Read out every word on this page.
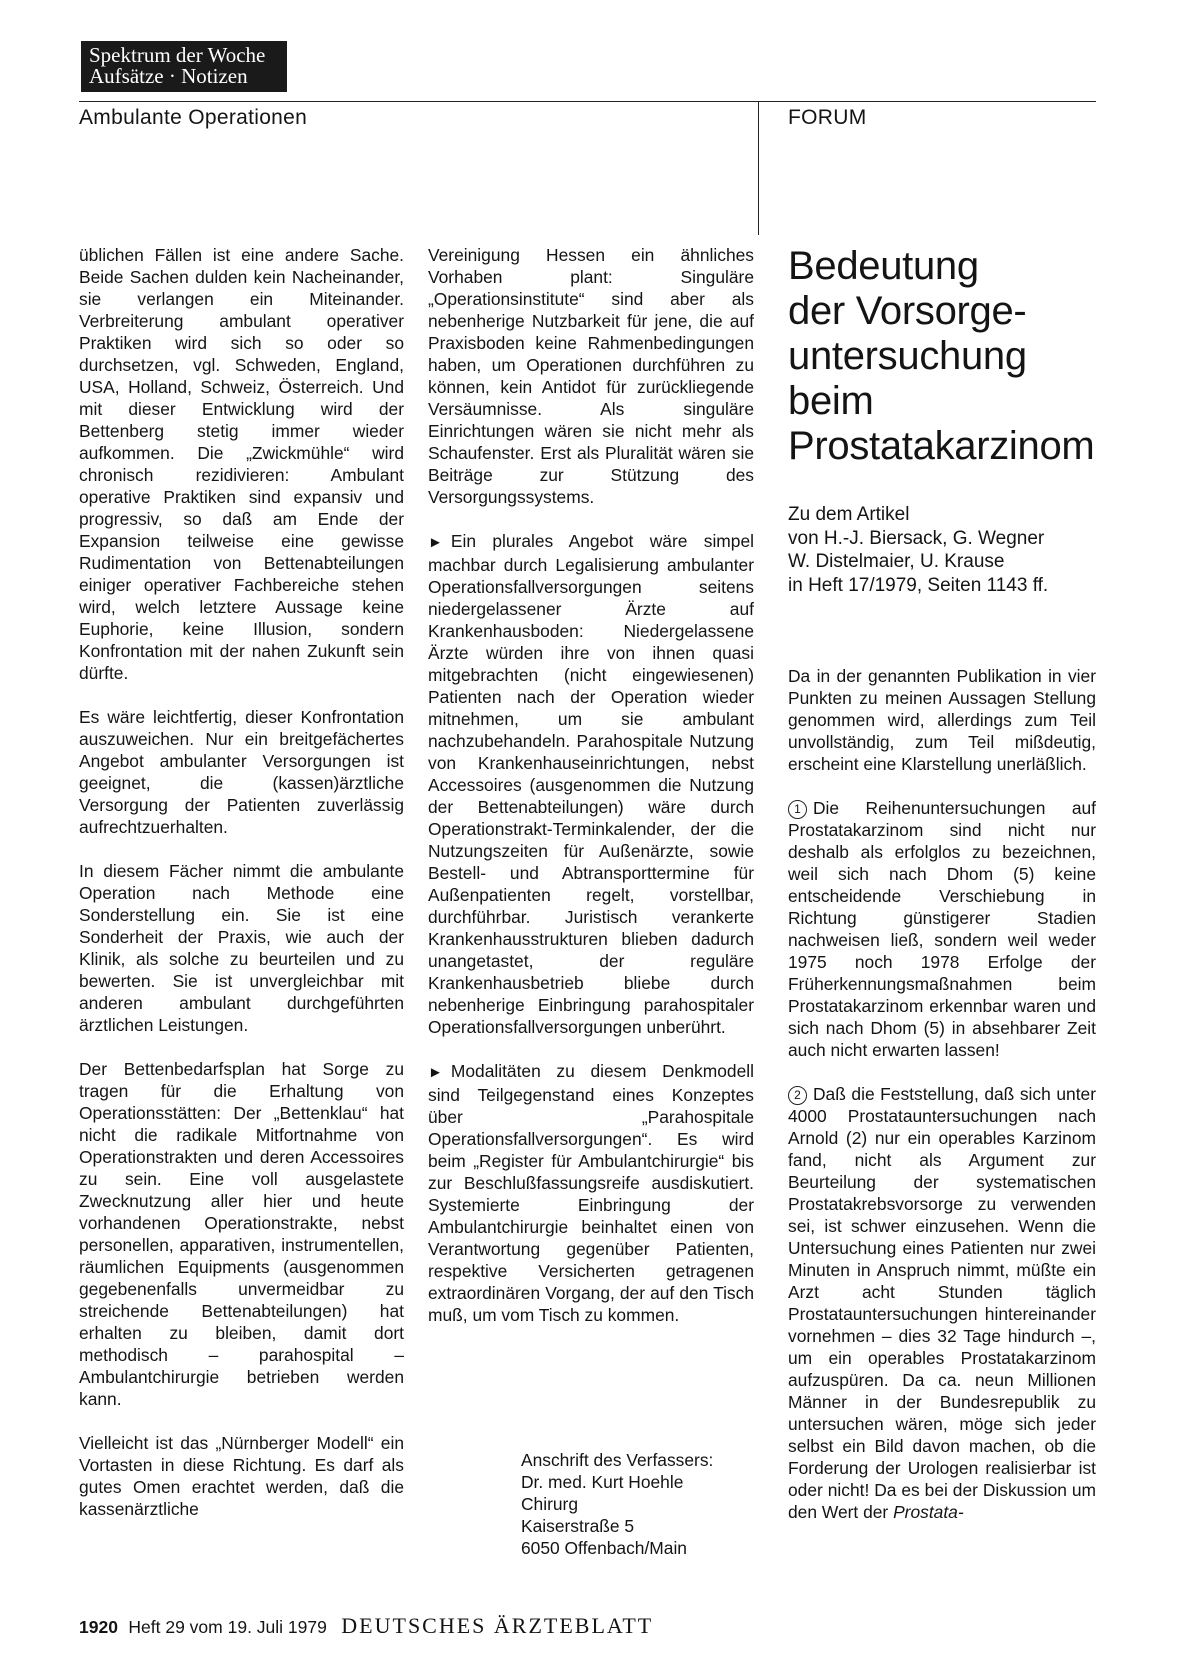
Spektrum der Woche
Aufsätze · Notizen
Ambulante Operationen	FORUM

üblichen Fällen ist eine andere Sache. Beide Sachen dulden kein Nacheinander, sie verlangen ein Miteinander. Verbreiterung ambulant operativer Praktiken wird sich so oder so durchsetzen, vgl. Schweden, England, USA, Holland, Schweiz, Österreich. Und mit dieser Entwicklung wird der Bettenberg stetig immer wieder aufkommen. Die „Zwickmühle“ wird chronisch rezidivieren: Ambulant operative Praktiken sind expansiv und progressiv, so daß am Ende der Expansion teilweise eine gewisse Rudimentation von Bettenabteilungen einiger operativer Fachbereiche stehen wird, welch letztere Aussage keine Euphorie, keine Illusion, sondern Konfrontation mit der nahen Zukunft sein dürfte.

Es wäre leichtfertig, dieser Konfrontation auszuweichen. Nur ein breitgefächertes Angebot ambulanter Versorgungen ist geeignet, die (kassen)ärztliche Versorgung der Patienten zuverlässig aufrechtzuerhalten.

In diesem Fächer nimmt die ambulante Operation nach Methode eine Sonderstellung ein. Sie ist eine Sonderheit der Praxis, wie auch der Klinik, als solche zu beurteilen und zu bewerten. Sie ist unvergleichbar mit anderen ambulant durchgeführten ärztlichen Leistungen.

Der Bettenbedarfsplan hat Sorge zu tragen für die Erhaltung von Operationsstätten: Der „Bettenklau“ hat nicht die radikale Mitfortnahme von Operationstrakten und deren Accessoires zu sein. Eine voll ausgelastete Zwecknutzung aller hier und heute vorhandenen Operationstrakte, nebst personellen, apparativen, instrumentellen, räumlichen Equipments (ausgenommen gegebenenfalls unvermeidbar zu streichende Bettenabteilungen) hat erhalten zu bleiben, damit dort methodisch – parahospital – Ambulantchirurgie betrieben werden kann.

Vielleicht ist das „Nürnberger Modell“ ein Vortasten in diese Richtung. Es darf als gutes Omen erachtet werden, daß die kassenärztliche

Vereinigung Hessen ein ähnliches Vorhaben plant: Singuläre „Operationsinstitute“ sind aber als nebenherige Nutzbarkeit für jene, die auf Praxisboden keine Rahmenbedingungen haben, um Operationen durchführen zu können, kein Antidot für zurückliegende Versäumnisse. Als singuläre Einrichtungen wären sie nicht mehr als Schaufenster. Erst als Pluralität wären sie Beiträge zur Stützung des Versorgungssystems.

► Ein plurales Angebot wäre simpel machbar durch Legalisierung ambulanter Operationsfallversorgungen seitens niedergelassener Ärzte auf Krankenhausboden: Niedergelassene Ärzte würden ihre von ihnen quasi mitgebrachten (nicht eingewiesenen) Patienten nach der Operation wieder mitnehmen, um sie ambulant nachzubehandeln. Parahospitale Nutzung von Krankenhauseinrichtungen, nebst Accessoires (ausgenommen die Nutzung der Bettenabteilungen) wäre durch Operationstrakt-Terminkalender, der die Nutzungszeiten für Außenärzte, sowie Bestell- und Abtransporttermine für Außenpatienten regelt, vorstellbar, durchführbar. Juristisch verankerte Krankenhausstrukturen blieben dadurch unangetastet, der reguläre Krankenhausbetrieb bliebe durch nebenherige Einbringung parahospitaler Operationsfallversorgungen unberührt.

► Modalitäten zu diesem Denkmodell sind Teilgegenstand eines Konzeptes über „Parahospitale Operationsfallversorgungen“. Es wird beim „Register für Ambulantchirurgie“ bis zur Beschlußfassungsreife ausdiskutiert. Systemierte Einbringung der Ambulantchirurgie beinhaltet einen von Verantwortung gegenüber Patienten, respektive Versicherten getragenen extraordinären Vorgang, der auf den Tisch muß, um vom Tisch zu kommen.

Anschrift des Verfassers:
Dr. med. Kurt Hoehle
Chirurg
Kaiserstraße 5
6050 Offenbach/Main
Bedeutung
der Vorsorge-
untersuchung
beim
Prostatakarzinom
Zu dem Artikel
von H.-J. Biersack, G. Wegner
W. Distelmaier, U. Krause
in Heft 17/1979, Seiten 1143 ff.

Da in der genannten Publikation in vier Punkten zu meinen Aussagen Stellung genommen wird, allerdings zum Teil unvollständig, zum Teil mißdeutig, erscheint eine Klarstellung unerläßlich.

1 Die Reihenuntersuchungen auf Prostatakarzinom sind nicht nur deshalb als erfolglos zu bezeichnen, weil sich nach Dhom (5) keine entscheidende Verschiebung in Richtung günstigerer Stadien nachweisen ließ, sondern weil weder 1975 noch 1978 Erfolge der Früherkennungsmaßnahmen beim Prostatakarzinom erkennbar waren und sich nach Dhom (5) in absehbarer Zeit auch nicht erwarten lassen!

2 Daß die Feststellung, daß sich unter 4000 Prostatauntersuchungen nach Arnold (2) nur ein operables Karzinom fand, nicht als Argument zur Beurteilung der systematischen Prostatakrebsvorsorge zu verwenden sei, ist schwer einzusehen. Wenn die Untersuchung eines Patienten nur zwei Minuten in Anspruch nimmt, müßte ein Arzt acht Stunden täglich Prostatauntersuchungen hintereinander vornehmen – dies 32 Tage hindurch –, um ein operables Prostatakarzinom aufzuspüren. Da ca. neun Millionen Männer in der Bundesrepublik zu untersuchen wären, möge sich jeder selbst ein Bild davon machen, ob die Forderung der Urologen realisierbar ist oder nicht! Da es bei der Diskussion um den Wert der Prostata-

1920 Heft 29 vom 19. Juli 1979 DEUTSCHES ÄRZTEBLATT
